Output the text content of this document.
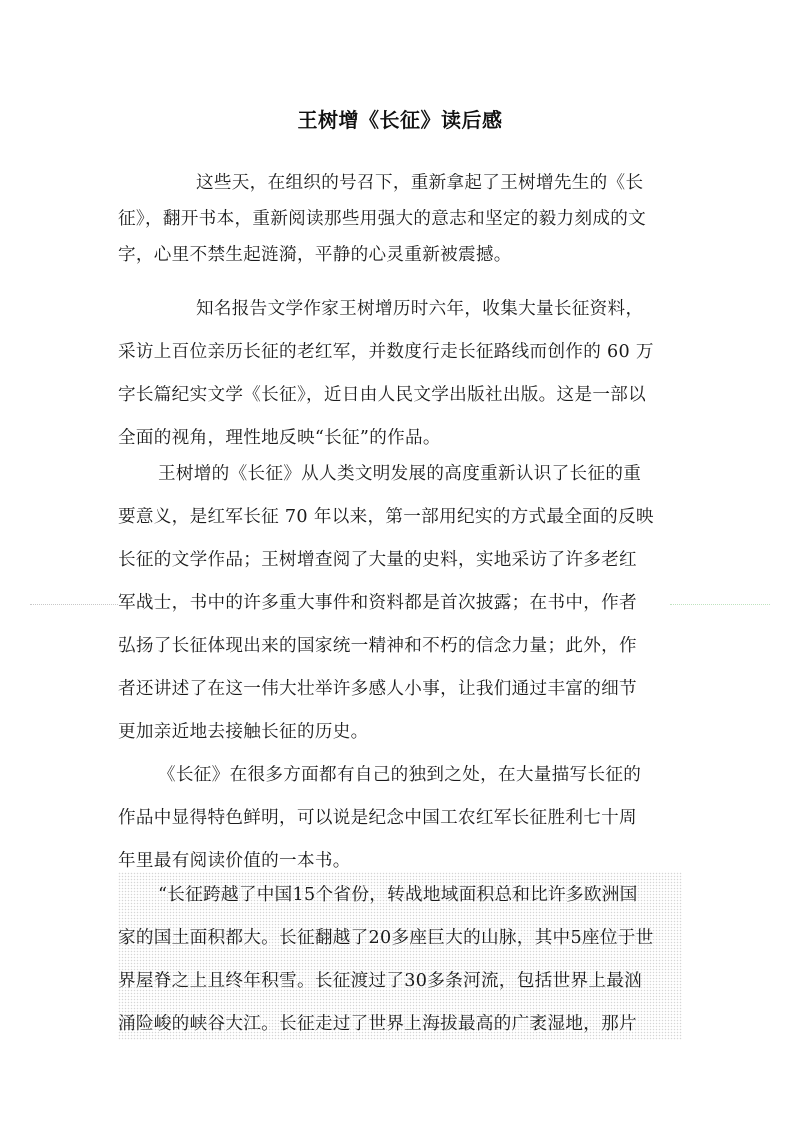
王树增《长征》读后感
这些天，在组织的号召下，重新拿起了王树增先生的《长
征》，翻开书本，重新阅读那些用强大的意志和坚定的毅力刻成的文
字，心里不禁生起涟漪，平静的心灵重新被震撼。
知名报告文学作家王树增历时六年，收集大量长征资料，
采访上百位亲历长征的老红军，并数度行走长征路线而创作的 60 万
字长篇纪实文学《长征》，近日由人民文学出版社出版。这是一部以
全面的视角，理性地反映“长征”的作品。
王树增的《长征》从人类文明发展的高度重新认识了长征的重
要意义，是红军长征 70 年以来，第一部用纪实的方式最全面的反映
长征的文学作品；王树增查阅了大量的史料，实地采访了许多老红
军战士，书中的许多重大事件和资料都是首次披露；在书中，作者
弘扬了长征体现出来的国家统一精神和不朽的信念力量；此外，作
者还讲述了在这一伟大壮举许多感人小事，让我们通过丰富的细节
更加亲近地去接触长征的历史。
《长征》在很多方面都有自己的独到之处，在大量描写长征的
作品中显得特色鲜明，可以说是纪念中国工农红军长征胜利七十周
年里最有阅读价值的一本书。
“长征跨越了中国15个省份，转战地域面积总和比许多欧洲国
家的国土面积都大。长征翻越了20多座巨大的山脉，其中5座位于世
界屋脊之上且终年积雪。长征渡过了30多条河流，包括世界上最汹
涌险峻的峡谷大江。长征走过了世界上海拔最高的广袤湿地，那片
